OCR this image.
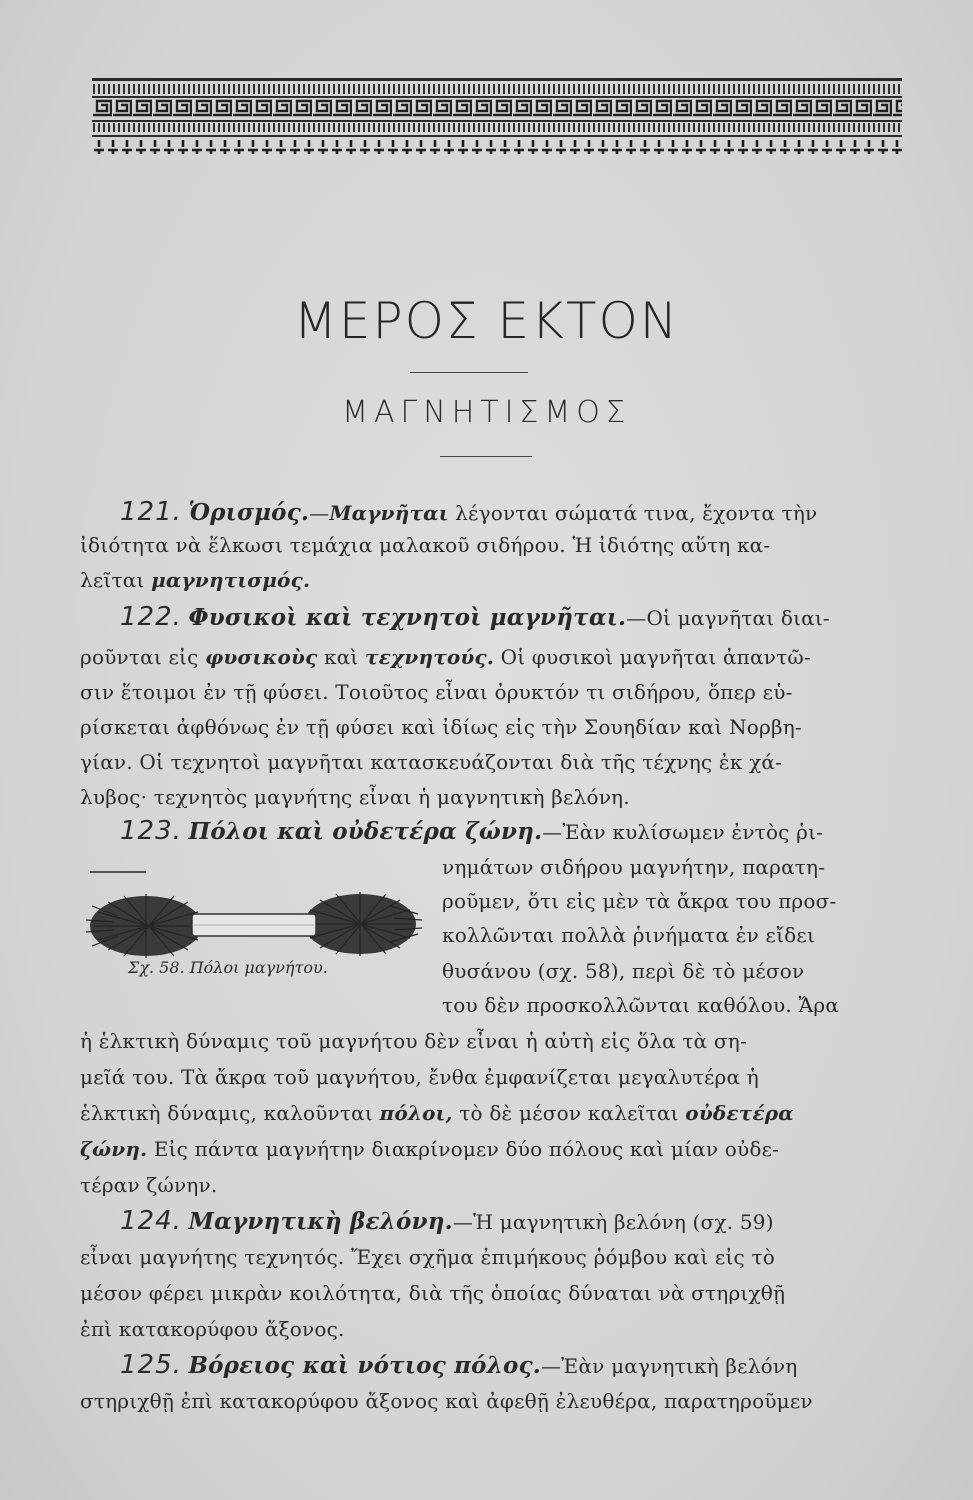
ΜΕΡΟΣ ΕΚΤΟΝ
ΜΑΓΝΗΤΙΣΜΟΣ
121. Ὁρισμός.—Μαγνῆται λέγονται σώματά τινα, ἔχοντα τὴν
ἰδιότητα νὰ ἕλκωσι τεμάχια μαλακοῦ σιδήρου. Ἡ ἰδιότης αὕτη κα-
λεῖται μαγνητισμός.
122. Φυσικοὶ καὶ τεχνητοὶ μαγνῆται.—Οἱ μαγνῆται διαι-
ροῦνται εἰς φυσικοὺς καὶ τεχνητούς. Οἱ φυσικοὶ μαγνῆται ἀπαντῶ-
σιν ἕτοιμοι ἐν τῇ φύσει. Τοιοῦτος εἶναι ὀρυκτόν τι σιδήρου, ὅπερ εὑ-
ρίσκεται ἀφθόνως ἐν τῇ φύσει καὶ ἰδίως εἰς τὴν Σουηδίαν καὶ Νορβη-
γίαν. Οἱ τεχνητοὶ μαγνῆται κατασκευάζονται διὰ τῆς τέχνης ἐκ χά-
λυβος· τεχνητὸς μαγνήτης εἶναι ἡ μαγνητικὴ βελόνη.
123. Πόλοι καὶ οὐδετέρα ζώνη.—Ἐὰν κυλίσωμεν ἐντὸς ῥι-
Σχ. 58. Πόλοι μαγνήτου.
νημάτων σιδήρου μαγνήτην, παρατη-
ροῦμεν, ὅτι εἰς μὲν τὰ ἄκρα του προσ-
κολλῶνται πολλὰ ῥινήματα ἐν εἴδει
θυσάνου (σχ. 58), περὶ δὲ τὸ μέσον
του δὲν προσκολλῶνται καθόλου. Ἄρα
ἡ ἑλκτικὴ δύναμις τοῦ μαγνήτου δὲν εἶναι ἡ αὐτὴ εἰς ὅλα τὰ ση-
μεῖά του. Τὰ ἄκρα τοῦ μαγνήτου, ἔνθα ἐμφανίζεται μεγαλυτέρα ἡ
ἑλκτικὴ δύναμις, καλοῦνται πόλοι, τὸ δὲ μέσον καλεῖται οὐδετέρα
ζώνη. Εἰς πάντα μαγνήτην διακρίνομεν δύο πόλους καὶ μίαν οὐδε-
τέραν ζώνην.
124. Μαγνητικὴ βελόνη.—Ἡ μαγνητικὴ βελόνη (σχ. 59)
εἶναι μαγνήτης τεχνητός. Ἔχει σχῆμα ἐπιμήκους ῥόμβου καὶ εἰς τὸ
μέσον φέρει μικρὰν κοιλότητα, διὰ τῆς ὁποίας δύναται νὰ στηριχθῇ
ἐπὶ κατακορύφου ἄξονος.
125. Βόρειος καὶ νότιος πόλος.—Ἐὰν μαγνητικὴ βελόνη
στηριχθῇ ἐπὶ κατακορύφου ἄξονος καὶ ἀφεθῇ ἐλευθέρα, παρατηροῦμεν
